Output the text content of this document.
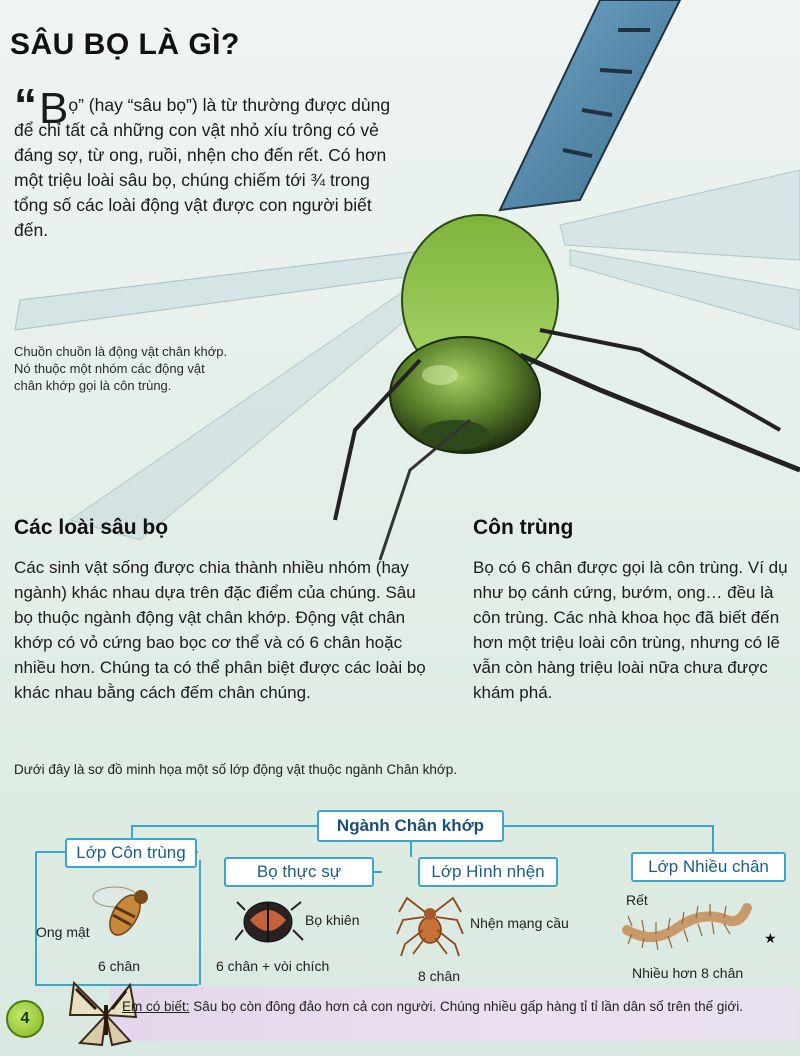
SÂU BỌ LÀ GÌ?
“Bọ” (hay “sâu bọ”) là từ thường được dùng để chỉ tất cả những con vật nhỏ xíu trông có vẻ đáng sợ, từ ong, ruồi, nhện cho đến rết. Có hơn một triệu loài sâu bọ, chúng chiếm tới ¾ trong tổng số các loài động vật được con người biết đến.
Chuồn chuồn là động vật chân khớp. Nó thuộc một nhóm các động vật chân khớp gọi là côn trùng.
Các loài sâu bọ
Các sinh vật sống được chia thành nhiều nhóm (hay ngành) khác nhau dựa trên đặc điểm của chúng. Sâu bọ thuộc ngành động vật chân khớp. Động vật chân khớp có vỏ cứng bao bọc cơ thể và có 6 chân hoặc nhiều hơn. Chúng ta có thể phân biệt được các loài bọ khác nhau bằng cách đếm chân chúng.
Côn trùng
Bọ có 6 chân được gọi là côn trùng. Ví dụ như bọ cánh cứng, bướm, ong… đều là côn trùng. Các nhà khoa học đã biết đến hơn một triệu loài côn trùng, nhưng có lẽ vẫn còn hàng triệu loài nữa chưa được khám phá.
Dưới đây là sơ đồ minh họa một số lớp động vật thuộc ngành Chân khớp.
Ngành Chân khớp
Lớp Côn trùng
Bọ thực sự	Lớp Hình nhện	Lớp Nhiều chân
Ong mật
6 chân
Bọ khiên
6 chân + vòi chích
Nhện mạng cầu
8 chân
Rết
Nhiều hơn 8 chân
★
Em có biết: Sâu bọ còn đông đảo hơn cả con người. Chúng nhiều gấp hàng tỉ tỉ lần dân số trên thế giới.
4
